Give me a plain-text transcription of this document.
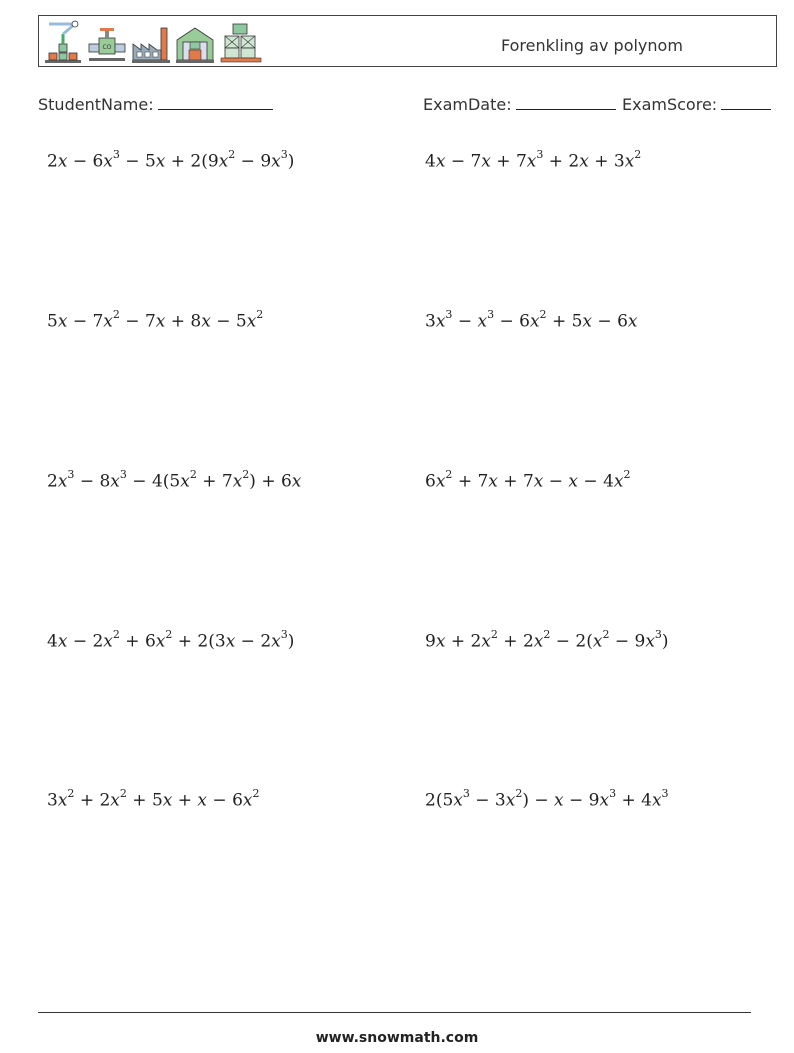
CO	Forenkling av polynom
StudentName:	ExamDate:	ExamScore:
$2x - 6x^3 - 5x + 2(9x^2 - 9x^3)$	$4x - 7x + 7x^3 + 2x + 3x^2$
$5x - 7x^2 - 7x + 8x - 5x^2$	$3x^3 - x^3 - 6x^2 + 5x - 6x$
$2x^3 - 8x^3 - 4(5x^2 + 7x^2) + 6x$	$6x^2 + 7x + 7x - x - 4x^2$
$4x - 2x^2 + 6x^2 + 2(3x - 2x^3)$	$9x + 2x^2 + 2x^2 - 2(x^2 - 9x^3)$
$3x^2 + 2x^2 + 5x + x - 6x^2$	$2(5x^3 - 3x^2) - x - 9x^3 + 4x^3$
www.snowmath.com
